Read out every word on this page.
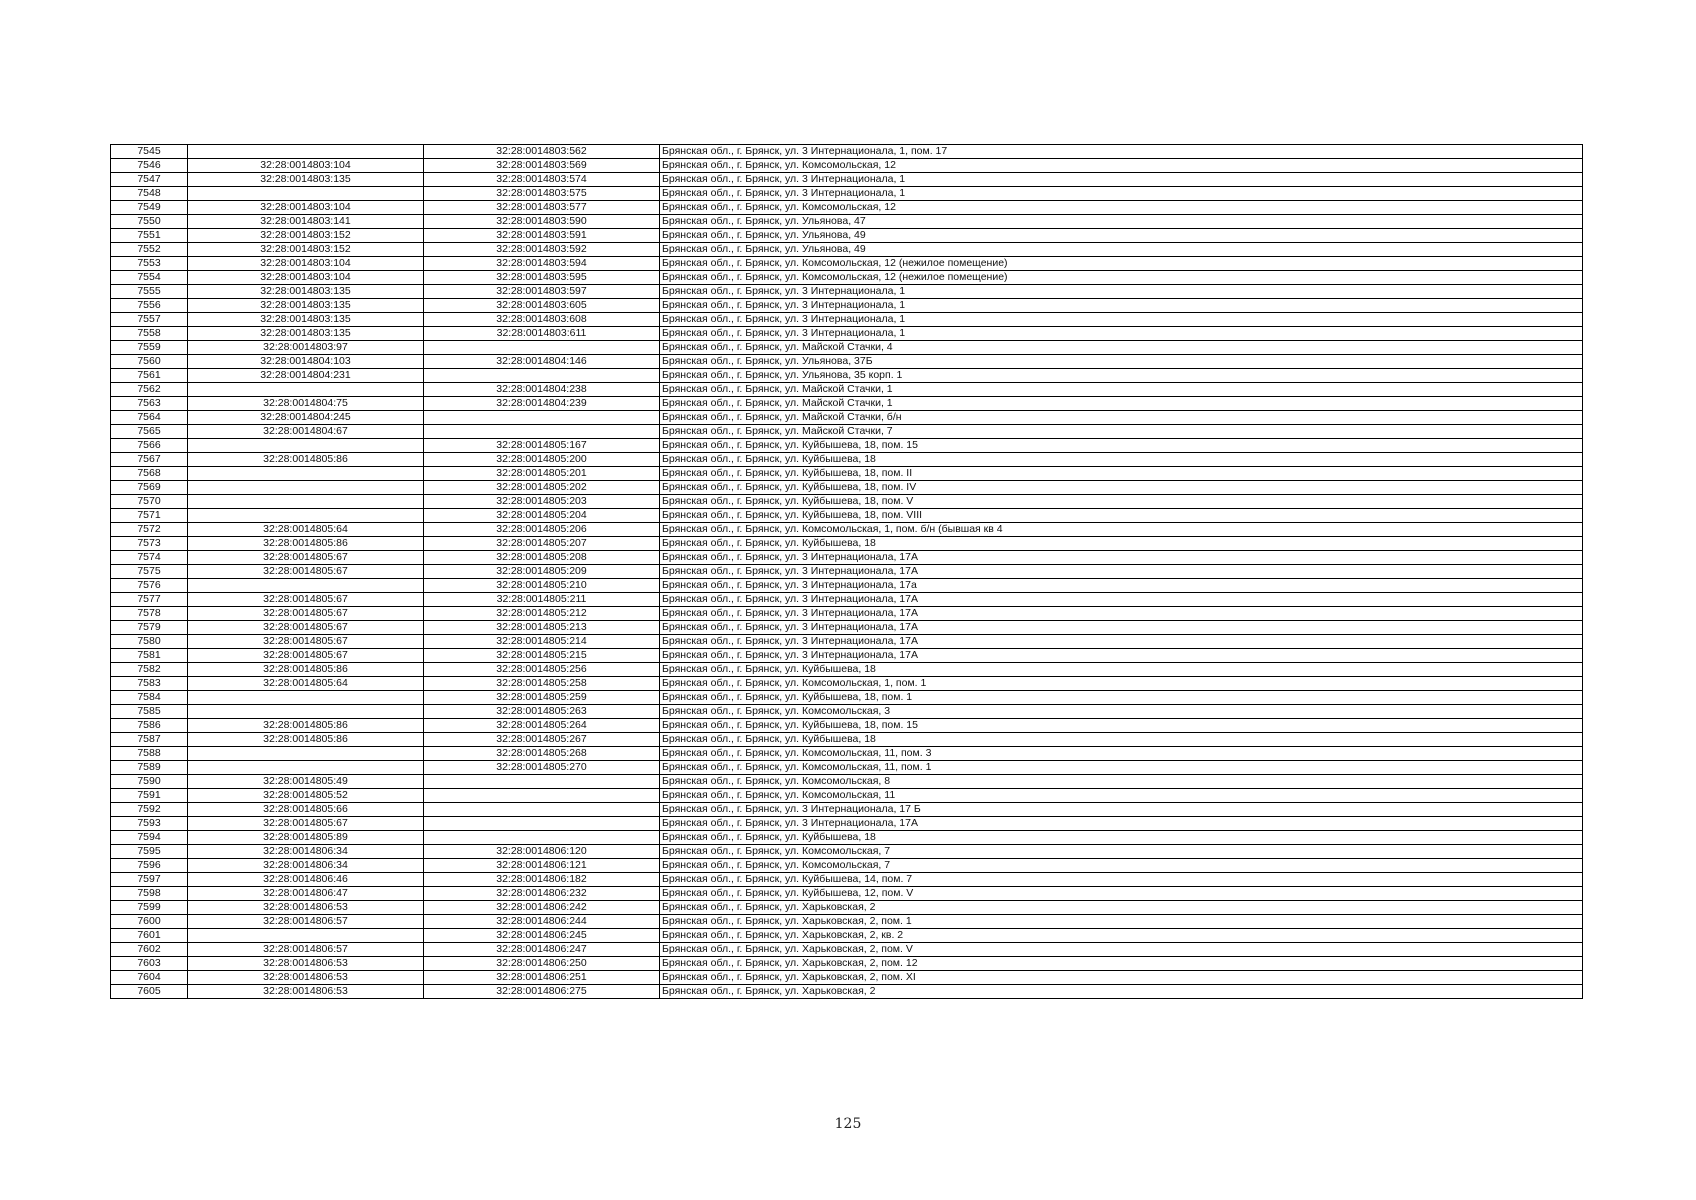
7545		32:28:0014803:562	Брянская обл., г. Брянск, ул. 3 Интернационала, 1, пом. 17
7546	32:28:0014803:104	32:28:0014803:569	Брянская обл., г. Брянск, ул. Комсомольская, 12
7547	32:28:0014803:135	32:28:0014803:574	Брянская обл., г. Брянск, ул. 3 Интернационала, 1
7548		32:28:0014803:575	Брянская обл., г. Брянск, ул. 3 Интернационала, 1
7549	32:28:0014803:104	32:28:0014803:577	Брянская обл., г. Брянск, ул. Комсомольская, 12
7550	32:28:0014803:141	32:28:0014803:590	Брянская обл., г. Брянск, ул. Ульянова, 47
7551	32:28:0014803:152	32:28:0014803:591	Брянская обл., г. Брянск, ул. Ульянова, 49
7552	32:28:0014803:152	32:28:0014803:592	Брянская обл., г. Брянск, ул. Ульянова, 49
7553	32:28:0014803:104	32:28:0014803:594	Брянская обл., г. Брянск, ул. Комсомольская, 12 (нежилое помещение)
7554	32:28:0014803:104	32:28:0014803:595	Брянская обл., г. Брянск, ул. Комсомольская, 12 (нежилое помещение)
7555	32:28:0014803:135	32:28:0014803:597	Брянская обл., г. Брянск, ул. 3 Интернационала, 1
7556	32:28:0014803:135	32:28:0014803:605	Брянская обл., г. Брянск, ул. 3 Интернационала, 1
7557	32:28:0014803:135	32:28:0014803:608	Брянская обл., г. Брянск, ул. 3 Интернационала, 1
7558	32:28:0014803:135	32:28:0014803:611	Брянская обл., г. Брянск, ул. 3 Интернационала, 1
7559	32:28:0014803:97		Брянская обл., г. Брянск, ул. Майской Стачки, 4
7560	32:28:0014804:103	32:28:0014804:146	Брянская обл., г. Брянск, ул. Ульянова, 37Б
7561	32:28:0014804:231		Брянская обл., г. Брянск, ул. Ульянова, 35 корп. 1
7562		32:28:0014804:238	Брянская обл., г. Брянск, ул. Майской Стачки, 1
7563	32:28:0014804:75	32:28:0014804:239	Брянская обл., г. Брянск, ул. Майской Стачки, 1
7564	32:28:0014804:245		Брянская обл., г. Брянск, ул. Майской Стачки, б/н
7565	32:28:0014804:67		Брянская обл., г. Брянск, ул. Майской Стачки, 7
7566		32:28:0014805:167	Брянская обл., г. Брянск, ул. Куйбышева, 18, пом. 15
7567	32:28:0014805:86	32:28:0014805:200	Брянская обл., г. Брянск, ул. Куйбышева, 18
7568		32:28:0014805:201	Брянская обл., г. Брянск, ул. Куйбышева, 18, пом. II
7569		32:28:0014805:202	Брянская обл., г. Брянск, ул. Куйбышева, 18, пом. IV
7570		32:28:0014805:203	Брянская обл., г. Брянск, ул. Куйбышева, 18, пом. V
7571		32:28:0014805:204	Брянская обл., г. Брянск, ул. Куйбышева, 18, пом. VIII
7572	32:28:0014805:64	32:28:0014805:206	Брянская обл., г. Брянск, ул. Комсомольская, 1, пом. б/н (бывшая кв 4
7573	32:28:0014805:86	32:28:0014805:207	Брянская обл., г. Брянск, ул. Куйбышева, 18
7574	32:28:0014805:67	32:28:0014805:208	Брянская обл., г. Брянск, ул. 3 Интернационала, 17А
7575	32:28:0014805:67	32:28:0014805:209	Брянская обл., г. Брянск, ул. 3 Интернационала, 17А
7576		32:28:0014805:210	Брянская обл., г. Брянск, ул. 3 Интернационала, 17а
7577	32:28:0014805:67	32:28:0014805:211	Брянская обл., г. Брянск, ул. 3 Интернационала, 17А
7578	32:28:0014805:67	32:28:0014805:212	Брянская обл., г. Брянск, ул. 3 Интернационала, 17А
7579	32:28:0014805:67	32:28:0014805:213	Брянская обл., г. Брянск, ул. 3 Интернационала, 17А
7580	32:28:0014805:67	32:28:0014805:214	Брянская обл., г. Брянск, ул. 3 Интернационала, 17А
7581	32:28:0014805:67	32:28:0014805:215	Брянская обл., г. Брянск, ул. 3 Интернационала, 17А
7582	32:28:0014805:86	32:28:0014805:256	Брянская обл., г. Брянск, ул. Куйбышева, 18
7583	32:28:0014805:64	32:28:0014805:258	Брянская обл., г. Брянск, ул. Комсомольская, 1, пом. 1
7584		32:28:0014805:259	Брянская обл., г. Брянск, ул. Куйбышева, 18, пом. 1
7585		32:28:0014805:263	Брянская обл., г. Брянск, ул. Комсомольская, 3
7586	32:28:0014805:86	32:28:0014805:264	Брянская обл., г. Брянск, ул. Куйбышева, 18, пом. 15
7587	32:28:0014805:86	32:28:0014805:267	Брянская обл., г. Брянск, ул. Куйбышева, 18
7588		32:28:0014805:268	Брянская обл., г. Брянск, ул. Комсомольская, 11, пом. 3
7589		32:28:0014805:270	Брянская обл., г. Брянск, ул. Комсомольская, 11, пом. 1
7590	32:28:0014805:49		Брянская обл., г. Брянск, ул. Комсомольская, 8
7591	32:28:0014805:52		Брянская обл., г. Брянск, ул. Комсомольская, 11
7592	32:28:0014805:66		Брянская обл., г. Брянск, ул. 3 Интернационала, 17 Б
7593	32:28:0014805:67		Брянская обл., г. Брянск, ул. 3 Интернационала, 17А
7594	32:28:0014805:89		Брянская обл., г. Брянск, ул. Куйбышева, 18
7595	32:28:0014806:34	32:28:0014806:120	Брянская обл., г. Брянск, ул. Комсомольская, 7
7596	32:28:0014806:34	32:28:0014806:121	Брянская обл., г. Брянск, ул. Комсомольская, 7
7597	32:28:0014806:46	32:28:0014806:182	Брянская обл., г. Брянск, ул. Куйбышева, 14, пом. 7
7598	32:28:0014806:47	32:28:0014806:232	Брянская обл., г. Брянск, ул. Куйбышева, 12, пом. V
7599	32:28:0014806:53	32:28:0014806:242	Брянская обл., г. Брянск, ул. Харьковская, 2
7600	32:28:0014806:57	32:28:0014806:244	Брянская обл., г. Брянск, ул. Харьковская, 2, пом. 1
7601		32:28:0014806:245	Брянская обл., г. Брянск, ул. Харьковская, 2, кв. 2
7602	32:28:0014806:57	32:28:0014806:247	Брянская обл., г. Брянск, ул. Харьковская, 2, пом. V
7603	32:28:0014806:53	32:28:0014806:250	Брянская обл., г. Брянск, ул. Харьковская, 2, пом. 12
7604	32:28:0014806:53	32:28:0014806:251	Брянская обл., г. Брянск, ул. Харьковская, 2, пом. XI
7605	32:28:0014806:53	32:28:0014806:275	Брянская обл., г. Брянск, ул. Харьковская, 2
125
